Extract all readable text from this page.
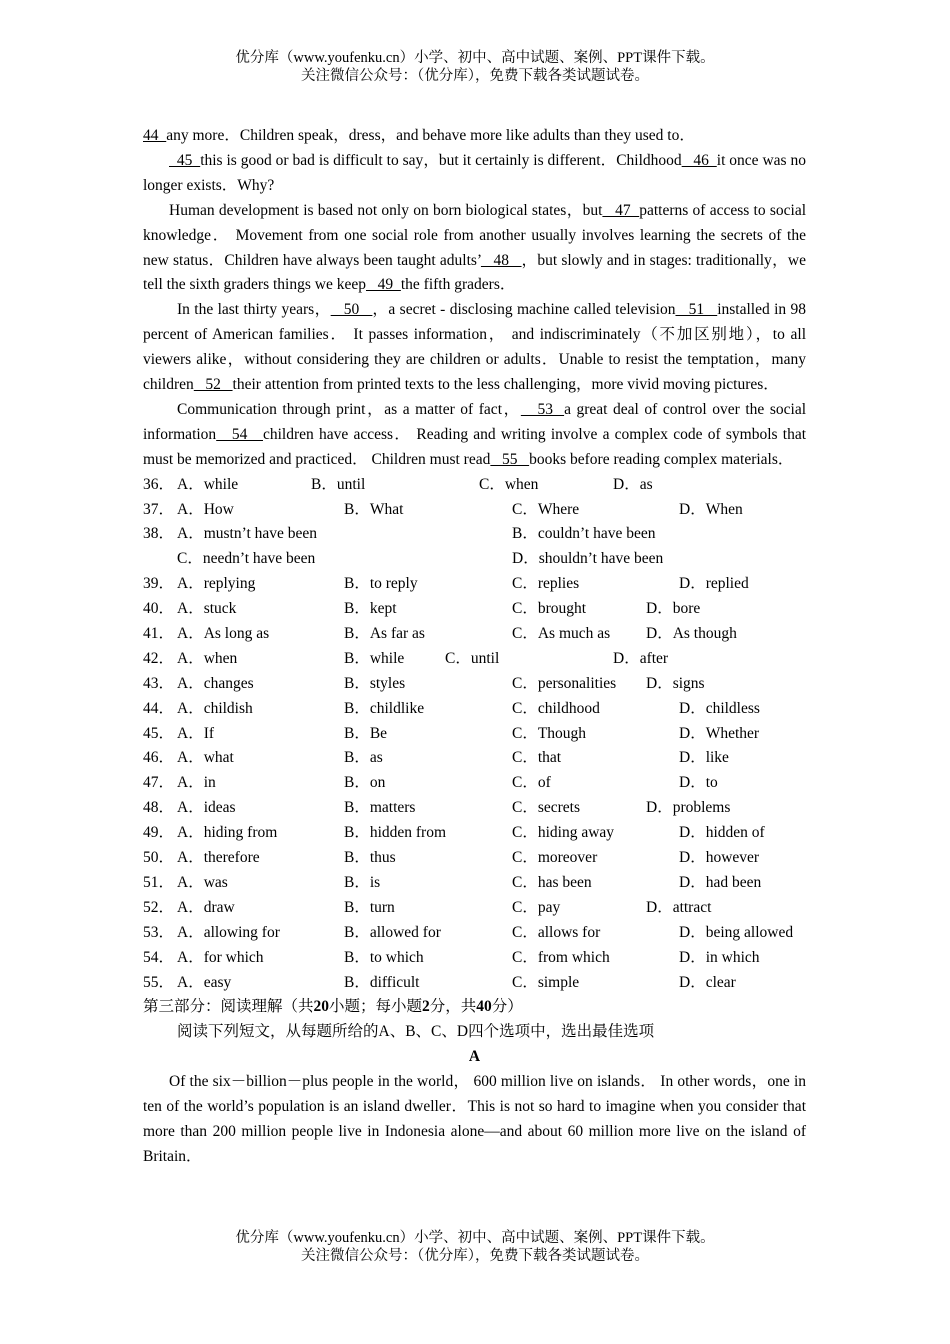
优分库（www.youfenku.cn）小学、初中、高中试题、案例、PPT课件下载。
关注微信公众号：（优分库），免费下载各类试题试卷。

44  any more．Children speak，dress，and behave more like adults than they used to．

45  this is good or bad is difficult to say，but it certainly is different．Childhood   46  it once was no longer exists．Why?

Human development is based not only on born biological states，but   47  patterns of access to social knowledge． Movement from one social role from another usually involves learning the secrets of the new status．Children have always been taught adults’   48   ，but slowly and in stages: traditionally，we tell the sixth graders things we keep   49  the fifth graders．

In the last thirty years，   50   ，a secret - disclosing machine called television   51   installed in 98 percent of American families． It passes information， and indiscriminately（不加区别地），to all viewers alike，without considering they are children or adults．Unable to resist the temptation，many children   52   their attention from printed texts to the less challenging，more vivid moving pictures．

Communication through print，as a matter of fact，   53  a great deal of control over the social information   54   children have access． Reading and writing involve a complex code of symbols that must be memorized and practiced． Children must read   55   books before reading complex materials．

36． A．while	B．until	C．when	D．as
37． A．How	B．What	C．Where	D．When
38． A．mustn’t have been	B．couldn’t have been
C．needn’t have been	D．shouldn’t have been
39． A．replying	B．to reply	C．replies	D．replied
40． A．stuck	B．kept	C．brought	D．bore
41． A．As long as	B．As far as	C．As much as D．As though
42． A．when	B．while	C．until	D．after
43． A．changes	B．styles	C．personalities D．signs
44． A．childish	B．childlike	C．childhood	D．childless
45． A．If	B．Be	C．Though	D．Whether
46． A．what	B．as	C．that	D．like
47． A．in	B．on	C．of	D．to
48． A．ideas	B．matters	C．secrets	D．problems
49． A．hiding from	B．hidden from	C．hiding away	D．hidden of
50． A．therefore	B．thus	C．moreover	D．however
51． A．was	B．is	C．has been	D．had been
52． A．draw	B．turn	C．pay	D．attract
53． A．allowing for	B．allowed for	C．allows for	D．being allowed
54． A．for which	B．to which	C．from which	D．in which
55． A．easy	B．difficult	C．simple	D．clear
第三部分：阅读理解（共20小题；每小题2分，共40分）

阅读下列短文，从每题所给的A、B、C、D四个选项中，选出最佳选项

A

Of the six－billion－plus people in the world， 600 million live on islands． In other words，one in ten of the world’s population is an island dweller．This is not so hard to imagine when you consider that more than 200 million people live in Indonesia alone—and about 60 million more live on the island of Britain．

优分库（www.youfenku.cn）小学、初中、高中试题、案例、PPT课件下载。
关注微信公众号：（优分库），免费下载各类试题试卷。
